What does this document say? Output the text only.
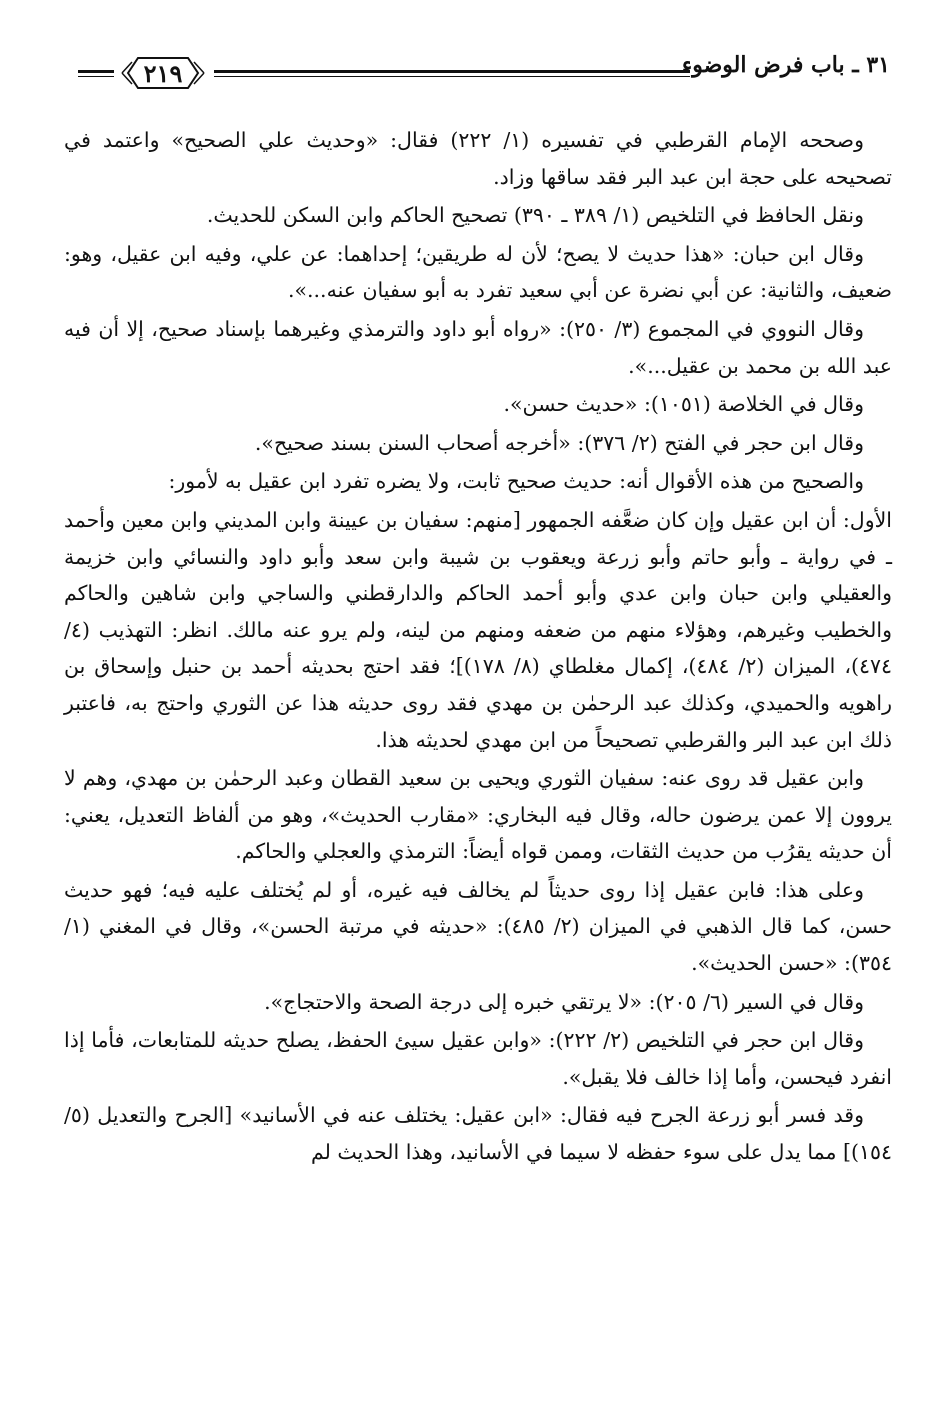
٣١ ـ باب فرض الوضوء
٢١٩

وصححه الإمام القرطبي في تفسيره (١/ ٢٢٢) فقال: «وحديث علي الصحيح» واعتمد في تصحيحه على حجة ابن عبد البر فقد ساقها وزاد.

ونقل الحافظ في التلخيص (١/ ٣٨٩ ـ ٣٩٠) تصحيح الحاكم وابن السكن للحديث.

وقال ابن حبان: «هذا حديث لا يصح؛ لأن له طريقين؛ إحداهما: عن علي، وفيه ابن عقيل، وهو: ضعيف، والثانية: عن أبي نضرة عن أبي سعيد تفرد به أبو سفيان عنه...».

وقال النووي في المجموع (٣/ ٢٥٠): «رواه أبو داود والترمذي وغيرهما بإسناد صحيح، إلا أن فيه عبد الله بن محمد بن عقيل...».

وقال في الخلاصة (١٠٥١): «حديث حسن».

وقال ابن حجر في الفتح (٢/ ٣٧٦): «أخرجه أصحاب السنن بسند صحيح».

والصحيح من هذه الأقوال أنه: حديث صحيح ثابت، ولا يضره تفرد ابن عقيل به لأمور:

الأول: أن ابن عقيل وإن كان ضعَّفه الجمهور [منهم: سفيان بن عيينة وابن المديني وابن معين وأحمد ـ في رواية ـ وأبو حاتم وأبو زرعة ويعقوب بن شيبة وابن سعد وأبو داود والنسائي وابن خزيمة والعقيلي وابن حبان وابن عدي وأبو أحمد الحاكم والدارقطني والساجي وابن شاهين والحاكم والخطيب وغيرهم، وهؤلاء منهم من ضعفه ومنهم من لينه، ولم يرو عنه مالك. انظر: التهذيب (٤/ ٤٧٤)، الميزان (٢/ ٤٨٤)، إكمال مغلطاي (٨/ ١٧٨)]؛ فقد احتج بحديثه أحمد بن حنبل وإسحاق بن راهويه والحميدي، وكذلك عبد الرحمٰن بن مهدي فقد روى حديثه هذا عن الثوري واحتج به، فاعتبر ذلك ابن عبد البر والقرطبي تصحيحاً من ابن مهدي لحديثه هذا.

وابن عقيل قد روى عنه: سفيان الثوري ويحيى بن سعيد القطان وعبد الرحمٰن بن مهدي، وهم لا يروون إلا عمن يرضون حاله، وقال فيه البخاري: «مقارب الحديث»، وهو من ألفاظ التعديل، يعني: أن حديثه يقرُب من حديث الثقات، وممن قواه أيضاً: الترمذي والعجلي والحاكم.

وعلى هذا: فابن عقيل إذا روى حديثاً لم يخالف فيه غيره، أو لم يُختلف عليه فيه؛ فهو حديث حسن، كما قال الذهبي في الميزان (٢/ ٤٨٥): «حديثه في مرتبة الحسن»، وقال في المغني (١/ ٣٥٤): «حسن الحديث».

وقال في السير (٦/ ٢٠٥): «لا يرتقي خبره إلى درجة الصحة والاحتجاج».

وقال ابن حجر في التلخيص (٢/ ٢٢٢): «وابن عقيل سيئ الحفظ، يصلح حديثه للمتابعات، فأما إذا انفرد فيحسن، وأما إذا خالف فلا يقبل».

وقد فسر أبو زرعة الجرح فيه فقال: «ابن عقيل: يختلف عنه في الأسانيد» [الجرح والتعديل (٥/ ١٥٤)] مما يدل على سوء حفظه لا سيما في الأسانيد، وهذا الحديث لم
